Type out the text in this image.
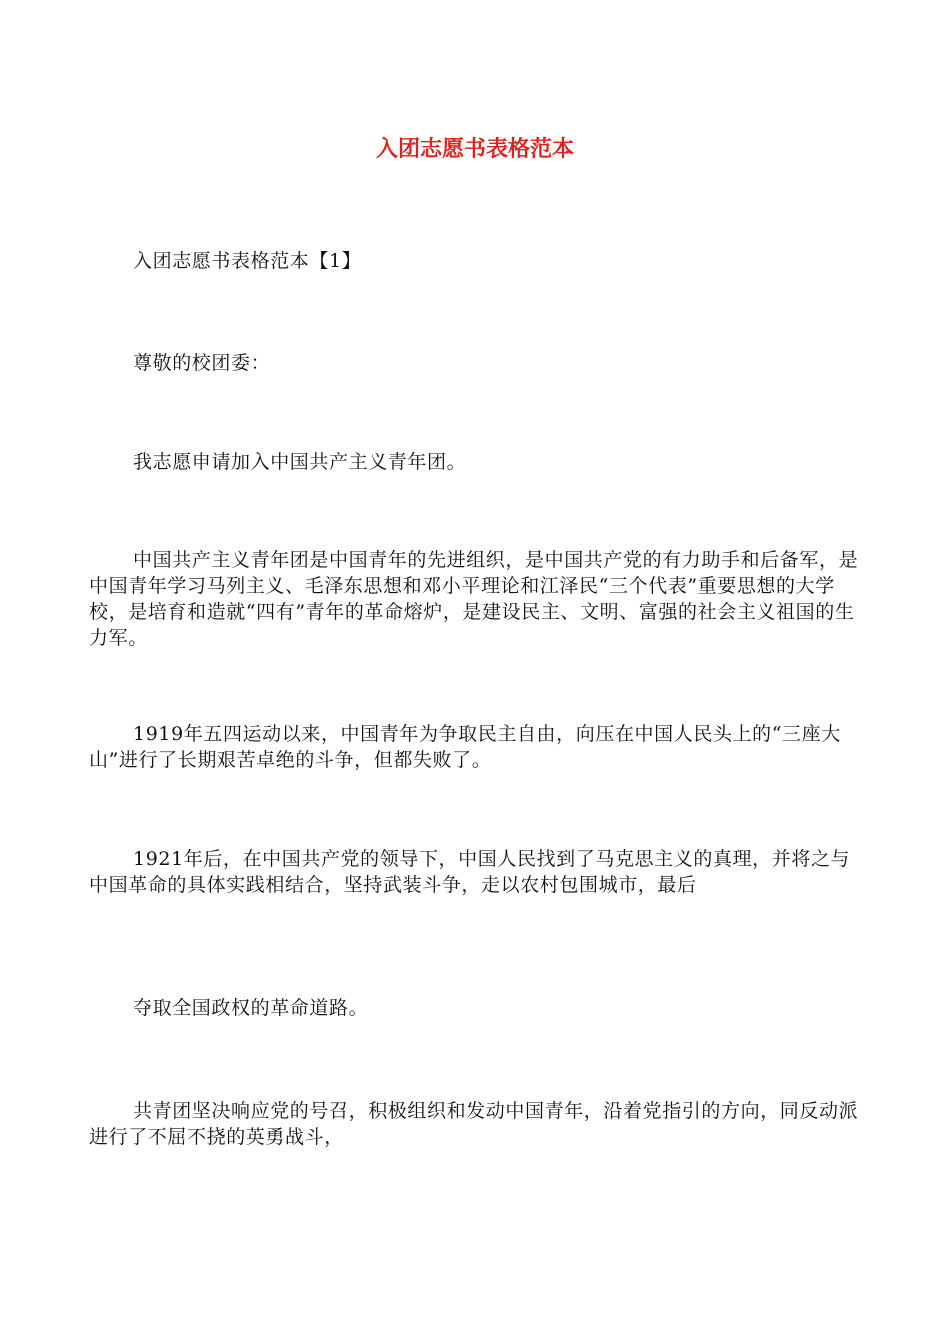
入团志愿书表格范本

入团志愿书表格范本【1】

尊敬的校团委：

我志愿申请加入中国共产主义青年团。

中国共产主义青年团是中国青年的先进组织，是中国共产党的有力助手和后备军，是中国青年学习马列主义、毛泽东思想和邓小平理论和江泽民“三个代表”重要思想的大学校，是培育和造就“四有”青年的革命熔炉，是建设民主、文明、富强的社会主义祖国的生力军。

1919年五四运动以来，中国青年为争取民主自由，向压在中国人民头上的“三座大山”进行了长期艰苦卓绝的斗争，但都失败了。

1921年后，在中国共产党的领导下，中国人民找到了马克思主义的真理，并将之与中国革命的具体实践相结合，坚持武装斗争，走以农村包围城市，最后

夺取全国政权的革命道路。

共青团坚决响应党的号召，积极组织和发动中国青年，沿着党指引的方向，同反动派进行了不屈不挠的英勇战斗，
